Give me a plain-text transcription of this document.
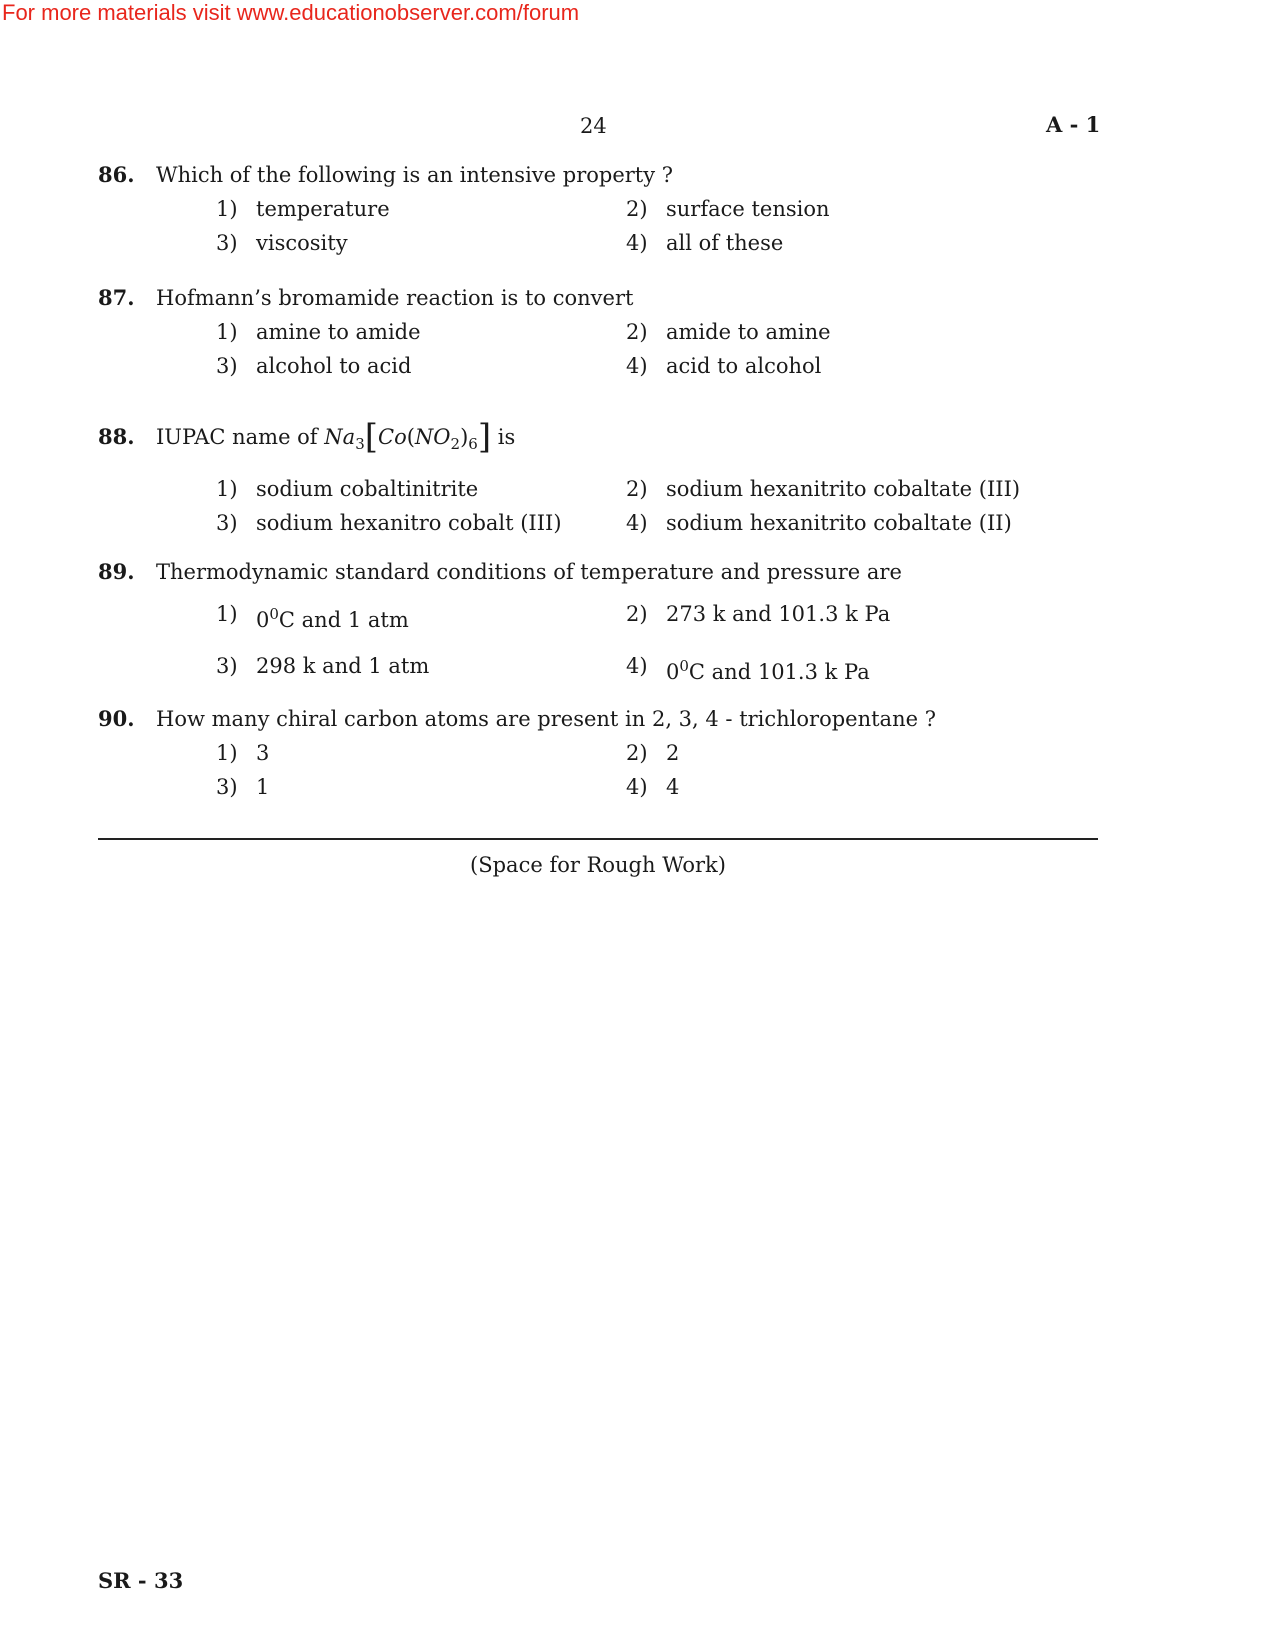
For more materials visit www.educationobserver.com/forum
24	A - 1
86.	Which of the following is an intensive property ?
1) temperature	2) surface tension
3) viscosity	4) all of these
87.	Hofmann’s bromamide reaction is to convert
1) amine to amide	2) amide to amine
3) alcohol to acid	4) acid to alcohol
88.	IUPAC name of $Na_3[Co(NO_2)_6]$ is
1) sodium cobaltinitrite	2) sodium hexanitrito cobaltate (III)
3) sodium hexanitro cobalt (III)	4) sodium hexanitrito cobaltate (II)
89.	Thermodynamic standard conditions of temperature and pressure are
1) $0^0C$ and 1 atm	2) 273 k and 101.3 k Pa
3) 298 k and 1 atm	4) $0^0C$ and 101.3 k Pa
90.	How many chiral carbon atoms are present in 2, 3, 4 - trichloropentane ?
1) 3	2) 2
3) 1	4) 4
(Space for Rough Work)
SR - 33
